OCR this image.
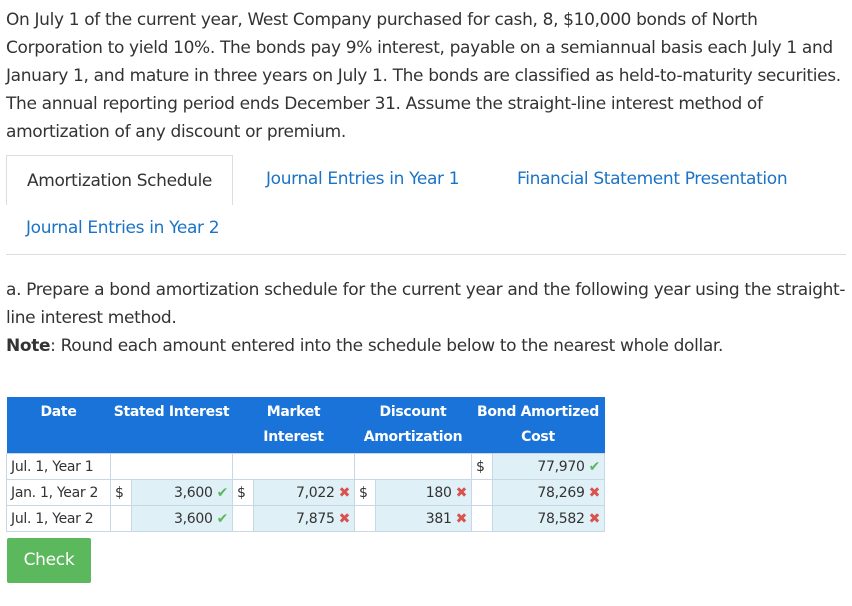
On July 1 of the current year, West Company purchased for cash, 8, $10,000 bonds of North Corporation to yield 10%. The bonds pay 9% interest, payable on a semiannual basis each July 1 and January 1, and mature in three years on July 1. The bonds are classified as held-to-maturity securities. The annual reporting period ends December 31. Assume the straight-line interest method of amortization of any discount or premium.

Amortization Schedule	Journal Entries in Year 1	Financial Statement Presentation
Journal Entries in Year 2

a. Prepare a bond amortization schedule for the current year and the following year using the straight-line interest method.

Note: Round each amount entered into the schedule below to the nearest whole dollar.

Date	Stated Interest		Market Interest		Discount Amortization		Bond Amortized Cost	
Jul. 1, Year 1							$	77,970 ✔
Jan. 1, Year 2	$	3,600 ✔	$	7,022 ✖	$	180 ✖		78,269 ✖
Jul. 1, Year 2		3,600 ✔		7,875 ✖		381 ✖		78,582 ✖
Check
